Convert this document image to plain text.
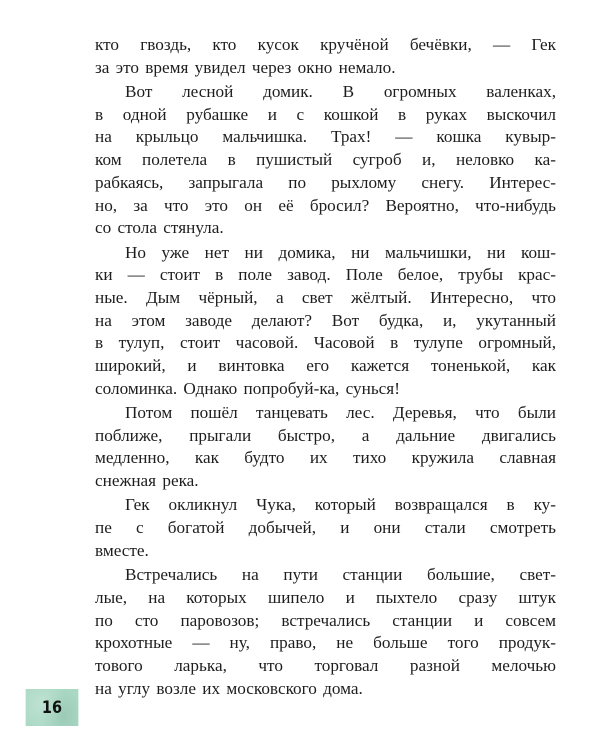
кто гвоздь, кто кусок кручёной бечёвки, — Гек
за это время увидел через окно немало.
Вот лесной домик. В огромных валенках,
в одной рубашке и с кошкой в руках выскочил
на крыльцо мальчишка. Трах! — кошка кувыр-
ком полетела в пушистый сугроб и, неловко ка-
рабкаясь, запрыгала по рыхлому снегу. Интерес-
но, за что это он её бросил? Вероятно, что-нибудь
со стола стянула.
Но уже нет ни домика, ни мальчишки, ни кош-
ки — стоит в поле завод. Поле белое, трубы крас-
ные. Дым чёрный, а свет жёлтый. Интересно, что
на этом заводе делают? Вот будка, и, укутанный
в тулуп, стоит часовой. Часовой в тулупе огромный,
широкий, и винтовка его кажется тоненькой, как
соломинка. Однако попробуй-ка, сунься!
Потом пошёл танцевать лес. Деревья, что были
поближе, прыгали быстро, а дальние двигались
медленно, как будто их тихо кружила славная
снежная река.
Гек окликнул Чука, который возвращался в ку-
пе с богатой добычей, и они стали смотреть
вместе.
Встречались на пути станции большие, свет-
лые, на которых шипело и пыхтело сразу штук
по сто паровозов; встречались станции и совсем
крохотные — ну, право, не больше того продук-
тового ларька, что торговал разной мелочью
на углу возле их московского дома.
16
